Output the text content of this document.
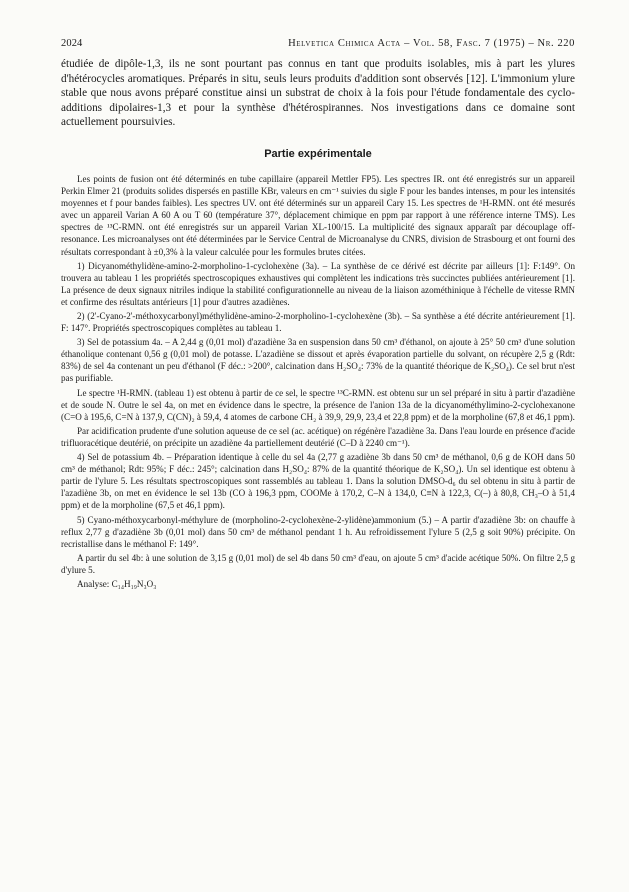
2024	Helvetica Chimica Acta – Vol. 58, Fasc. 7 (1975) – Nr. 220

étudiée de dipôle-1,3, ils ne sont pourtant pas connus en tant que produits isolables, mis à part les ylures d'hétérocycles aromatiques. Préparés in situ, seuls leurs produits d'addition sont observés [12]. L'immonium ylure stable que nous avons préparé constitue ainsi un substrat de choix à la fois pour l'étude fondamentale des cyclo-additions dipolaires-1,3 et pour la synthèse d'hétérospirannes. Nos investigations dans ce domaine sont actuellement poursuivies.

Partie expérimentale

Les points de fusion ont été déterminés en tube capillaire (appareil Mettler FP5). Les spectres IR. ont été enregistrés sur un appareil Perkin Elmer 21 (produits solides dispersés en pastille KBr, valeurs en cm⁻¹ suivies du sigle F pour les bandes intenses, m pour les intensités moyennes et f pour bandes faibles). Les spectres UV. ont été déterminés sur un appareil Cary 15. Les spectres de ¹H-RMN. ont été mesurés avec un appareil Varian A 60 A ou T 60 (température 37°, déplacement chimique en ppm par rapport à une référence interne TMS). Les spectres de ¹³C-RMN. ont été enregistrés sur un appareil Varian XL-100/15. La multiplicité des signaux apparaît par découplage off-resonance. Les microanalyses ont été déterminées par le Service Central de Microanalyse du CNRS, division de Strasbourg et ont fourni des résultats correspondant à ±0,3% à la valeur calculée pour les formules brutes citées.

1) Dicyanométhylidène-amino-2-morpholino-1-cyclohexène (3a). – La synthèse de ce dérivé est décrite par ailleurs [1]: F:149°. On trouvera au tableau 1 les propriétés spectroscopiques exhaustives qui complètent les indications très succinctes publiées antérieurement [1]. La présence de deux signaux nitriles indique la stabilité configurationnelle au niveau de la liaison azométhinique à l'échelle de vitesse RMN et confirme des résultats antérieurs [1] pour d'autres azadiènes.

2) (2'-Cyano-2'-méthoxycarbonyl)méthylidène-amino-2-morpholino-1-cyclohexène (3b). – Sa synthèse a été décrite antérieurement [1]. F: 147°. Propriétés spectroscopiques complètes au tableau 1.

3) Sel de potassium 4a. – A 2,44 g (0,01 mol) d'azadiène 3a en suspension dans 50 cm³ d'éthanol, on ajoute à 25° 50 cm³ d'une solution éthanolique contenant 0,56 g (0,01 mol) de potasse. L'azadiène se dissout et après évaporation partielle du solvant, on récupère 2,5 g (Rdt: 83%) de sel 4a contenant un peu d'éthanol (F déc.: >200°, calcination dans H₂SO₄: 73% de la quantité théorique de K₂SO₄). Ce sel brut n'est pas purifiable.

Le spectre ¹H-RMN. (tableau 1) est obtenu à partir de ce sel, le spectre ¹³C-RMN. est obtenu sur un sel préparé in situ à partir d'azadiène et de soude N. Outre le sel 4a, on met en évidence dans le spectre, la présence de l'anion 13a de la dicyanométhylimino-2-cyclohexanone (C=O à 195,6, C=N à 137,9, C(CN)₂ à 59,4, 4 atomes de carbone CH₂ à 39,9, 29,9, 23,4 et 22,8 ppm) et de la morpholine (67,8 et 46,1 ppm).

Par acidification prudente d'une solution aqueuse de ce sel (ac. acétique) on régénère l'azadiène 3a. Dans l'eau lourde en présence d'acide trifluoracétique deutérié, on précipite un azadiène 4a partiellement deutérié (C–D à 2240 cm⁻¹).

4) Sel de potassium 4b. – Préparation identique à celle du sel 4a (2,77 g azadiène 3b dans 50 cm³ de méthanol, 0,6 g de KOH dans 50 cm³ de méthanol; Rdt: 95%; F déc.: 245°; calcination dans H₂SO₄: 87% de la quantité théorique de K₂SO₄). Un sel identique est obtenu à partir de l'ylure 5. Les résultats spectroscopiques sont rassemblés au tableau 1. Dans la solution DMSO-d₆ du sel obtenu in situ à partir de l'azadiène 3b, on met en évidence le sel 13b (CO à 196,3 ppm, COOMe à 170,2, C–N à 134,0, C≡N à 122,3, C(–) à 80,8, CH₃–O à 51,4 ppm) et de la morpholine (67,5 et 46,1 ppm).

5) Cyano-méthoxycarbonyl-méthylure de (morpholino-2-cyclohexène-2-ylidène)ammonium (5.) – A partir d'azadiène 3b: on chauffe à reflux 2,77 g d'azadiène 3b (0,01 mol) dans 50 cm³ de méthanol pendant 1 h. Au refroidissement l'ylure 5 (2,5 g soit 90%) précipite. On recristallise dans le méthanol F: 149°.

A partir du sel 4b: à une solution de 3,15 g (0,01 mol) de sel 4b dans 50 cm³ d'eau, on ajoute 5 cm³ d'acide acétique 50%. On filtre 2,5 g d'ylure 5.

Analyse: C₁₄H₁₉N₃O₃
